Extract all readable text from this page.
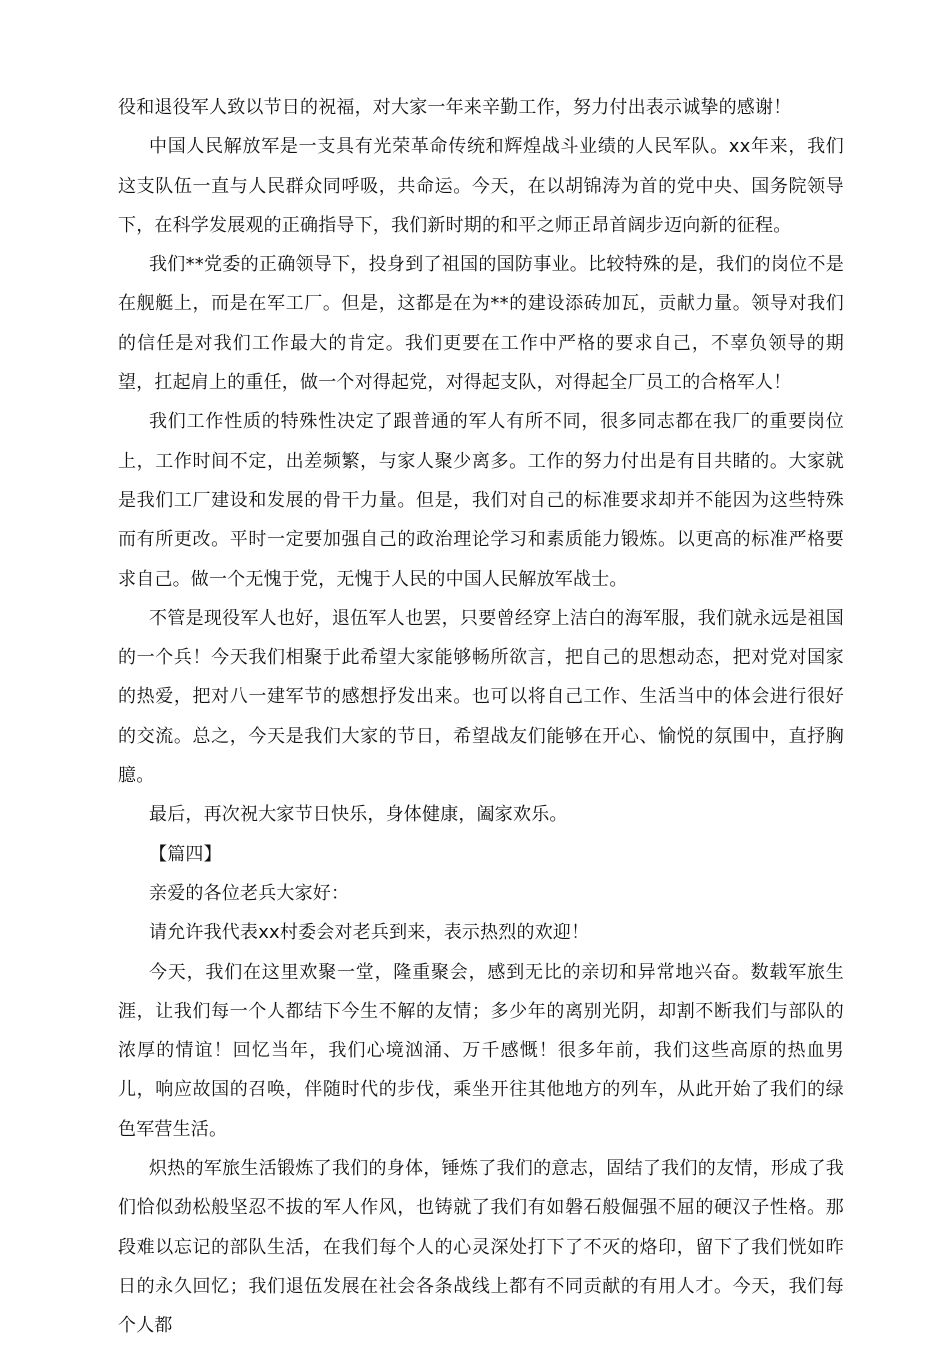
役和退役军人致以节日的祝福，对大家一年来辛勤工作，努力付出表示诚挚的感谢！

中国人民解放军是一支具有光荣革命传统和辉煌战斗业绩的人民军队。xx年来，我们这支队伍一直与人民群众同呼吸，共命运。今天，在以胡锦涛为首的党中央、国务院领导下，在科学发展观的正确指导下，我们新时期的和平之师正昂首阔步迈向新的征程。

我们**党委的正确领导下，投身到了祖国的国防事业。比较特殊的是，我们的岗位不是在舰艇上，而是在军工厂。但是，这都是在为**的建设添砖加瓦，贡献力量。领导对我们的信任是对我们工作最大的肯定。我们更要在工作中严格的要求自己，不辜负领导的期望，扛起肩上的重任，做一个对得起党，对得起支队，对得起全厂员工的合格军人！

我们工作性质的特殊性决定了跟普通的军人有所不同，很多同志都在我厂的重要岗位上，工作时间不定，出差频繁，与家人聚少离多。工作的努力付出是有目共睹的。大家就是我们工厂建设和发展的骨干力量。但是，我们对自己的标准要求却并不能因为这些特殊而有所更改。平时一定要加强自己的政治理论学习和素质能力锻炼。以更高的标准严格要求自己。做一个无愧于党，无愧于人民的中国人民解放军战士。

不管是现役军人也好，退伍军人也罢，只要曾经穿上洁白的海军服，我们就永远是祖国的一个兵！今天我们相聚于此希望大家能够畅所欲言，把自己的思想动态，把对党对国家的热爱，把对八一建军节的感想抒发出来。也可以将自己工作、生活当中的体会进行很好的交流。总之，今天是我们大家的节日，希望战友们能够在开心、愉悦的氛围中，直抒胸臆。

最后，再次祝大家节日快乐，身体健康，阖家欢乐。

【篇四】

亲爱的各位老兵大家好：

请允许我代表xx村委会对老兵到来，表示热烈的欢迎！

今天，我们在这里欢聚一堂，隆重聚会，感到无比的亲切和异常地兴奋。数载军旅生涯，让我们每一个人都结下今生不解的友情；多少年的离别光阴，却割不断我们与部队的浓厚的情谊！回忆当年，我们心境汹涌、万千感慨！很多年前，我们这些高原的热血男儿，响应故国的召唤，伴随时代的步伐，乘坐开往其他地方的列车，从此开始了我们的绿色军营生活。

炽热的军旅生活锻炼了我们的身体，锤炼了我们的意志，固结了我们的友情，形成了我们恰似劲松般坚忍不拔的军人作风，也铸就了我们有如磐石般倔强不屈的硬汉子性格。那段难以忘记的部队生活，在我们每个人的心灵深处打下了不灭的烙印，留下了我们恍如昨日的永久回忆；我们退伍发展在社会各条战线上都有不同贡献的有用人才。今天，我们每个人都
